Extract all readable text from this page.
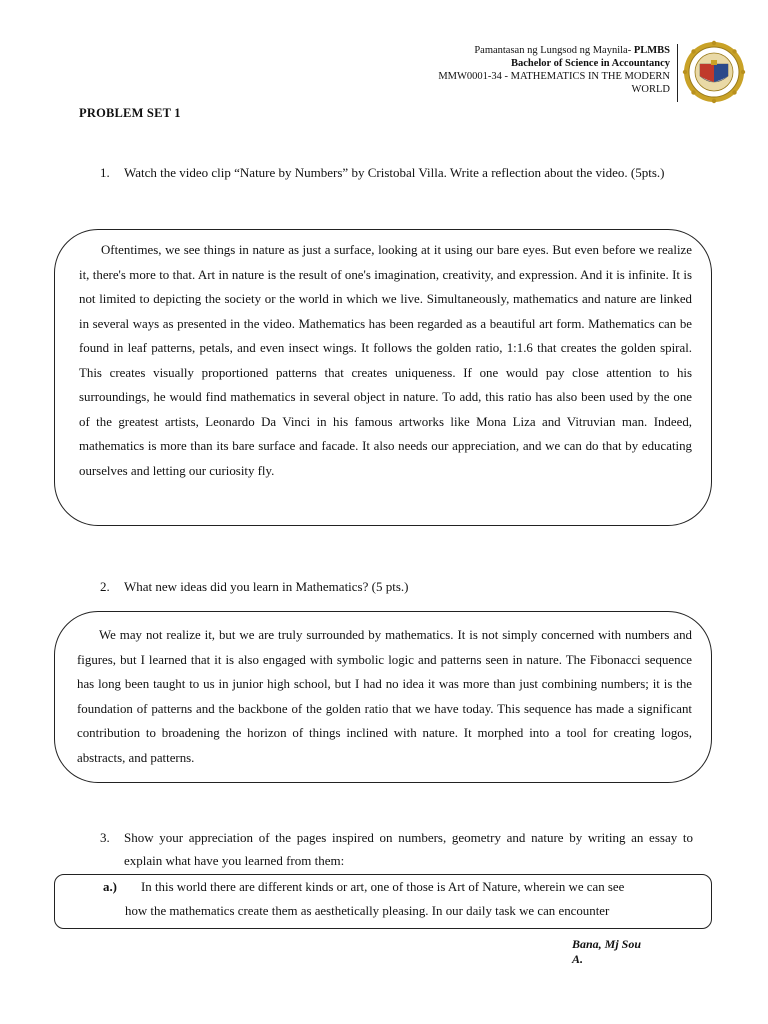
Pamantasan ng Lungsod ng Maynila- PLMBS
Bachelor of Science in Accountancy
MMW0001-34 - MATHEMATICS IN THE MODERN
WORLD
PROBLEM SET 1
1.	Watch the video clip “Nature by Numbers” by Cristobal Villa. Write a reflection about the video. (5pts.)

Oftentimes, we see things in nature as just a surface, looking at it using our bare eyes. But even before we realize it, there's more to that. Art in nature is the result of one's imagination, creativity, and expression. And it is infinite. It is not limited to depicting the society or the world in which we live. Simultaneously, mathematics and nature are linked in several ways as presented in the video. Mathematics has been regarded as a beautiful art form. Mathematics can be found in leaf patterns, petals, and even insect wings. It follows the golden ratio, 1:1.6 that creates the golden spiral. This creates visually proportioned patterns that creates uniqueness. If one would pay close attention to his surroundings, he would find mathematics in several object in nature. To add, this ratio has also been used by the one of the greatest artists, Leonardo Da Vinci in his famous artworks like Mona Liza and Vitruvian man. Indeed, mathematics is more than its bare surface and facade. It also needs our appreciation, and we can do that by educating ourselves and letting our curiosity fly.

2.	What new ideas did you learn in Mathematics? (5 pts.)

We may not realize it, but we are truly surrounded by mathematics. It is not simply concerned with numbers and figures, but I learned that it is also engaged with symbolic logic and patterns seen in nature. The Fibonacci sequence has long been taught to us in junior high school, but I had no idea it was more than just combining numbers; it is the foundation of patterns and the backbone of the golden ratio that we have today. This sequence has made a significant contribution to broadening the horizon of things inclined with nature. It morphed into a tool for creating logos, abstracts, and patterns.

3.	Show your appreciation of the pages inspired on numbers, geometry and nature by writing an essay to explain what have you learned from them:
a.)	In this world there are different kinds or art, one of those is Art of Nature, wherein we can see
how the mathematics create them as aesthetically pleasing. In our daily task we can encounter
Bana, Mj Sou
A.
